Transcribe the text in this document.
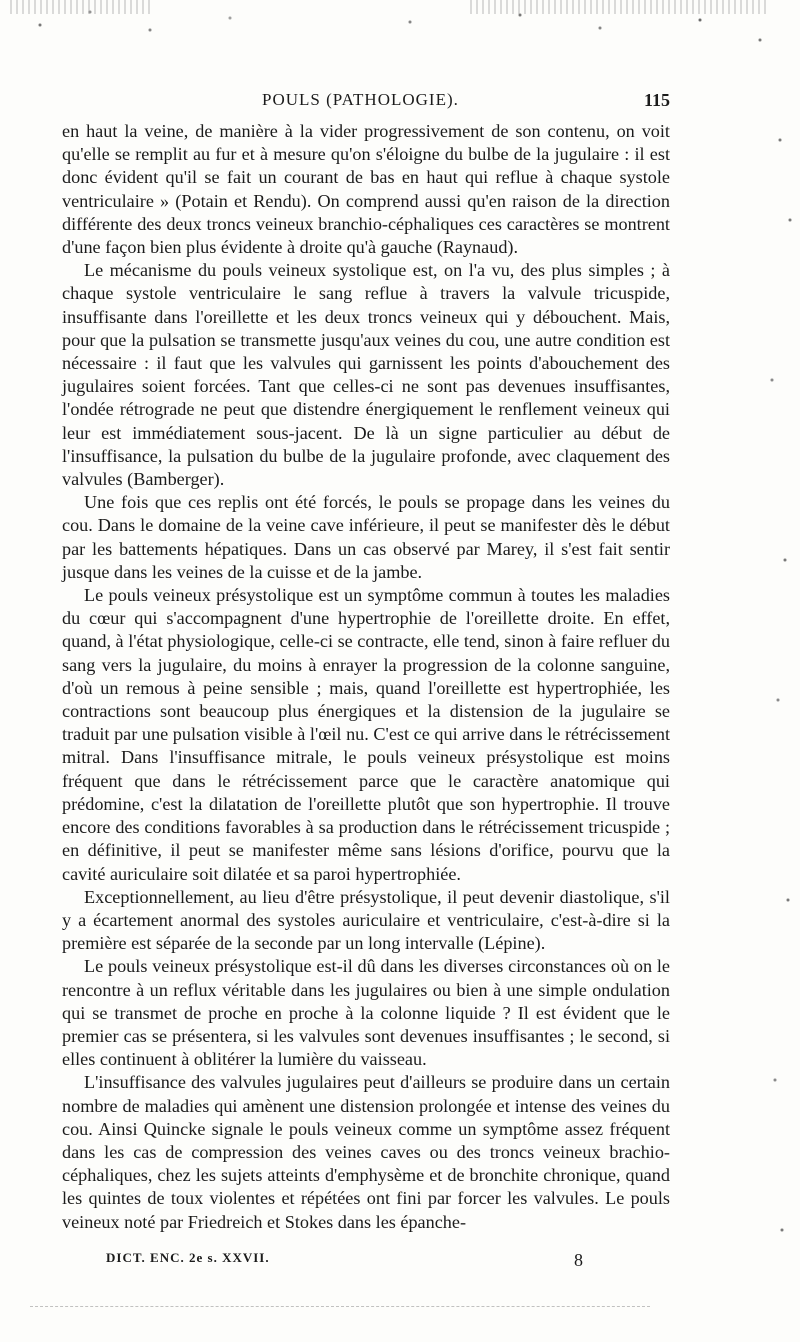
POULS (PATHOLOGIE).	115

en haut la veine, de manière à la vider progressivement de son contenu, on voit qu'elle se remplit au fur et à mesure qu'on s'éloigne du bulbe de la jugulaire : il est donc évident qu'il se fait un courant de bas en haut qui reflue à chaque systole ventriculaire » (Potain et Rendu). On comprend aussi qu'en raison de la direction différente des deux troncs veineux branchio-céphaliques ces caractères se montrent d'une façon bien plus évidente à droite qu'à gauche (Raynaud).

Le mécanisme du pouls veineux systolique est, on l'a vu, des plus simples ; à chaque systole ventriculaire le sang reflue à travers la valvule tricuspide, insuffisante dans l'oreillette et les deux troncs veineux qui y débouchent. Mais, pour que la pulsation se transmette jusqu'aux veines du cou, une autre condition est nécessaire : il faut que les valvules qui garnissent les points d'abouchement des jugulaires soient forcées. Tant que celles-ci ne sont pas devenues insuffisantes, l'ondée rétrograde ne peut que distendre énergiquement le renflement veineux qui leur est immédiatement sous-jacent. De là un signe particulier au début de l'insuffisance, la pulsation du bulbe de la jugulaire profonde, avec claquement des valvules (Bamberger).

Une fois que ces replis ont été forcés, le pouls se propage dans les veines du cou. Dans le domaine de la veine cave inférieure, il peut se manifester dès le début par les battements hépatiques. Dans un cas observé par Marey, il s'est fait sentir jusque dans les veines de la cuisse et de la jambe.

Le pouls veineux présystolique est un symptôme commun à toutes les maladies du cœur qui s'accompagnent d'une hypertrophie de l'oreillette droite. En effet, quand, à l'état physiologique, celle-ci se contracte, elle tend, sinon à faire refluer du sang vers la jugulaire, du moins à enrayer la progression de la colonne sanguine, d'où un remous à peine sensible ; mais, quand l'oreillette est hypertrophiée, les contractions sont beaucoup plus énergiques et la distension de la jugulaire se traduit par une pulsation visible à l'œil nu. C'est ce qui arrive dans le rétrécissement mitral. Dans l'insuffisance mitrale, le pouls veineux présystolique est moins fréquent que dans le rétrécissement parce que le caractère anatomique qui prédomine, c'est la dilatation de l'oreillette plutôt que son hypertrophie. Il trouve encore des conditions favorables à sa production dans le rétrécissement tricuspide ; en définitive, il peut se manifester même sans lésions d'orifice, pourvu que la cavité auriculaire soit dilatée et sa paroi hypertrophiée.

Exceptionnellement, au lieu d'être présystolique, il peut devenir diastolique, s'il y a écartement anormal des systoles auriculaire et ventriculaire, c'est-à-dire si la première est séparée de la seconde par un long intervalle (Lépine).

Le pouls veineux présystolique est-il dû dans les diverses circonstances où on le rencontre à un reflux véritable dans les jugulaires ou bien à une simple ondulation qui se transmet de proche en proche à la colonne liquide ? Il est évident que le premier cas se présentera, si les valvules sont devenues insuffisantes ; le second, si elles continuent à oblitérer la lumière du vaisseau.

L'insuffisance des valvules jugulaires peut d'ailleurs se produire dans un certain nombre de maladies qui amènent une distension prolongée et intense des veines du cou. Ainsi Quincke signale le pouls veineux comme un symptôme assez fréquent dans les cas de compression des veines caves ou des troncs veineux brachio-céphaliques, chez les sujets atteints d'emphysème et de bronchite chronique, quand les quintes de toux violentes et répétées ont fini par forcer les valvules. Le pouls veineux noté par Friedreich et Stokes dans les épanche-

DICT. ENC. 2e s. XXVII.	8
